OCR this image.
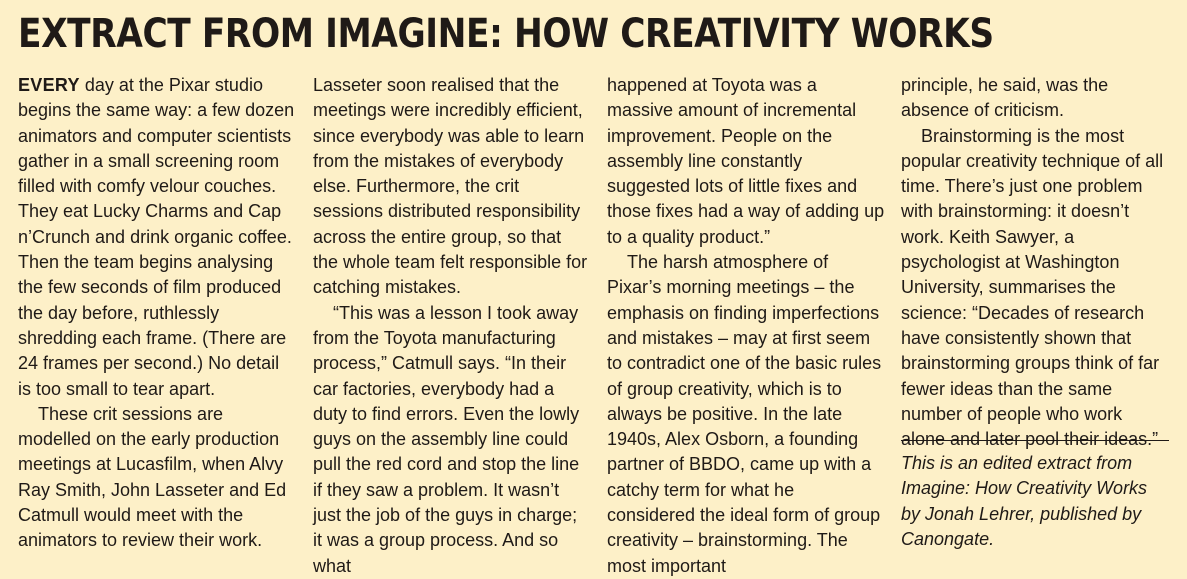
EXTRACT FROM IMAGINE: HOW CREATIVITY WORKS

EVERY day at the Pixar studio begins the same way: a few dozen animators and computer scientists gather in a small screening room filled with comfy velour couches. They eat Lucky Charms and Cap n’Crunch and drink organic coffee. Then the team begins analysing the few seconds of film produced the day before, ruthlessly shredding each frame. (There are 24 frames per second.) No detail is too small to tear apart.

These crit sessions are modelled on the early production meetings at Lucasfilm, when Alvy Ray Smith, John Lasseter and Ed Catmull would meet with the animators to review their work.

Lasseter soon realised that the meetings were incredibly efficient, since everybody was able to learn from the mistakes of everybody else. Furthermore, the crit sessions distributed responsibility across the entire group, so that the whole team felt responsible for catching mistakes.

“This was a lesson I took away from the Toyota manufacturing process,” Catmull says. “In their car factories, everybody had a duty to find errors. Even the lowly guys on the assembly line could pull the red cord and stop the line if they saw a problem. It wasn’t just the job of the guys in charge; it was a group process. And so what

happened at Toyota was a massive amount of incremental improvement. People on the assembly line constantly suggested lots of little fixes and those fixes had a way of adding up to a quality product.”

The harsh atmosphere of Pixar’s morning meetings – the emphasis on finding imperfections and mistakes – may at first seem to contradict one of the basic rules of group creativity, which is to always be positive. In the late 1940s, Alex Osborn, a founding partner of BBDO, came up with a catchy term for what he considered the ideal form of group creativity – brainstorming. The most important

principle, he said, was the absence of criticism.

Brainstorming is the most popular creativity technique of all time. There’s just one problem with brainstorming: it doesn’t work. Keith Sawyer, a psychologist at Washington University, summarises the science: “Decades of research have consistently shown that brainstorming groups think of far fewer ideas than the same number of people who work alone and later pool their ideas.”

This is an edited extract from Imagine: How Creativity Works by Jonah Lehrer, published by Canongate.
